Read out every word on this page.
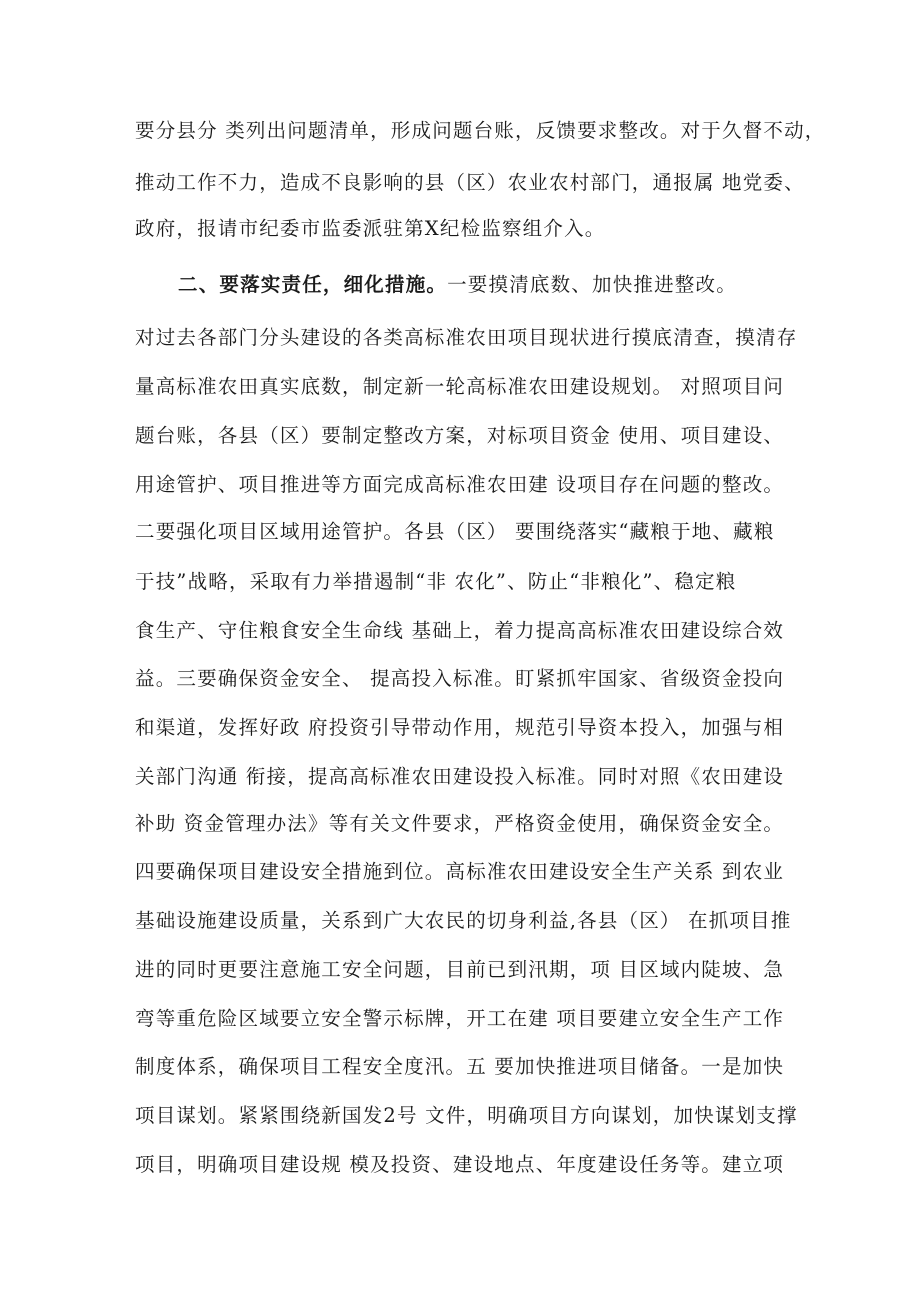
要分县分 类列出问题清单，形成问题台账，反馈要求整改。对于久督不动，
推动工作不力，造成不良影响的县（区）农业农村部门，通报属 地党委、
政府，报请市纪委市监委派驻第X纪检监察组介入。
二、要落实责任，细化措施。一要摸清底数、加快推进整改。
对过去各部门分头建设的各类高标准农田项目现状进行摸底清查，摸清存
量高标准农田真实底数，制定新一轮高标准农田建设规划。 对照项目问
题台账，各县（区）要制定整改方案，对标项目资金 使用、项目建设、
用途管护、项目推进等方面完成高标准农田建 设项目存在问题的整改。
二要强化项目区域用途管护。各县（区） 要围绕落实“藏粮于地、藏粮
于技”战略，采取有力举措遏制“非 农化”、防止“非粮化”、稳定粮
食生产、守住粮食安全生命线 基础上，着力提高高标准农田建设综合效
益。三要确保资金安全、 提高投入标准。盯紧抓牢国家、省级资金投向
和渠道，发挥好政 府投资引导带动作用，规范引导资本投入，加强与相
关部门沟通 衔接，提高高标准农田建设投入标准。同时对照《农田建设
补助 资金管理办法》等有关文件要求，严格资金使用，确保资金安全。
四要确保项目建设安全措施到位。高标准农田建设安全生产关系 到农业
基础设施建设质量，关系到广大农民的切身利益,各县（区） 在抓项目推
进的同时更要注意施工安全问题，目前已到汛期，项 目区域内陡坡、急
弯等重危险区域要立安全警示标牌，开工在建 项目要建立安全生产工作
制度体系，确保项目工程安全度汛。五 要加快推进项目储备。一是加快
项目谋划。紧紧围绕新国发2号 文件，明确项目方向谋划，加快谋划支撑
项目，明确项目建设规 模及投资、建设地点、年度建设任务等。建立项
